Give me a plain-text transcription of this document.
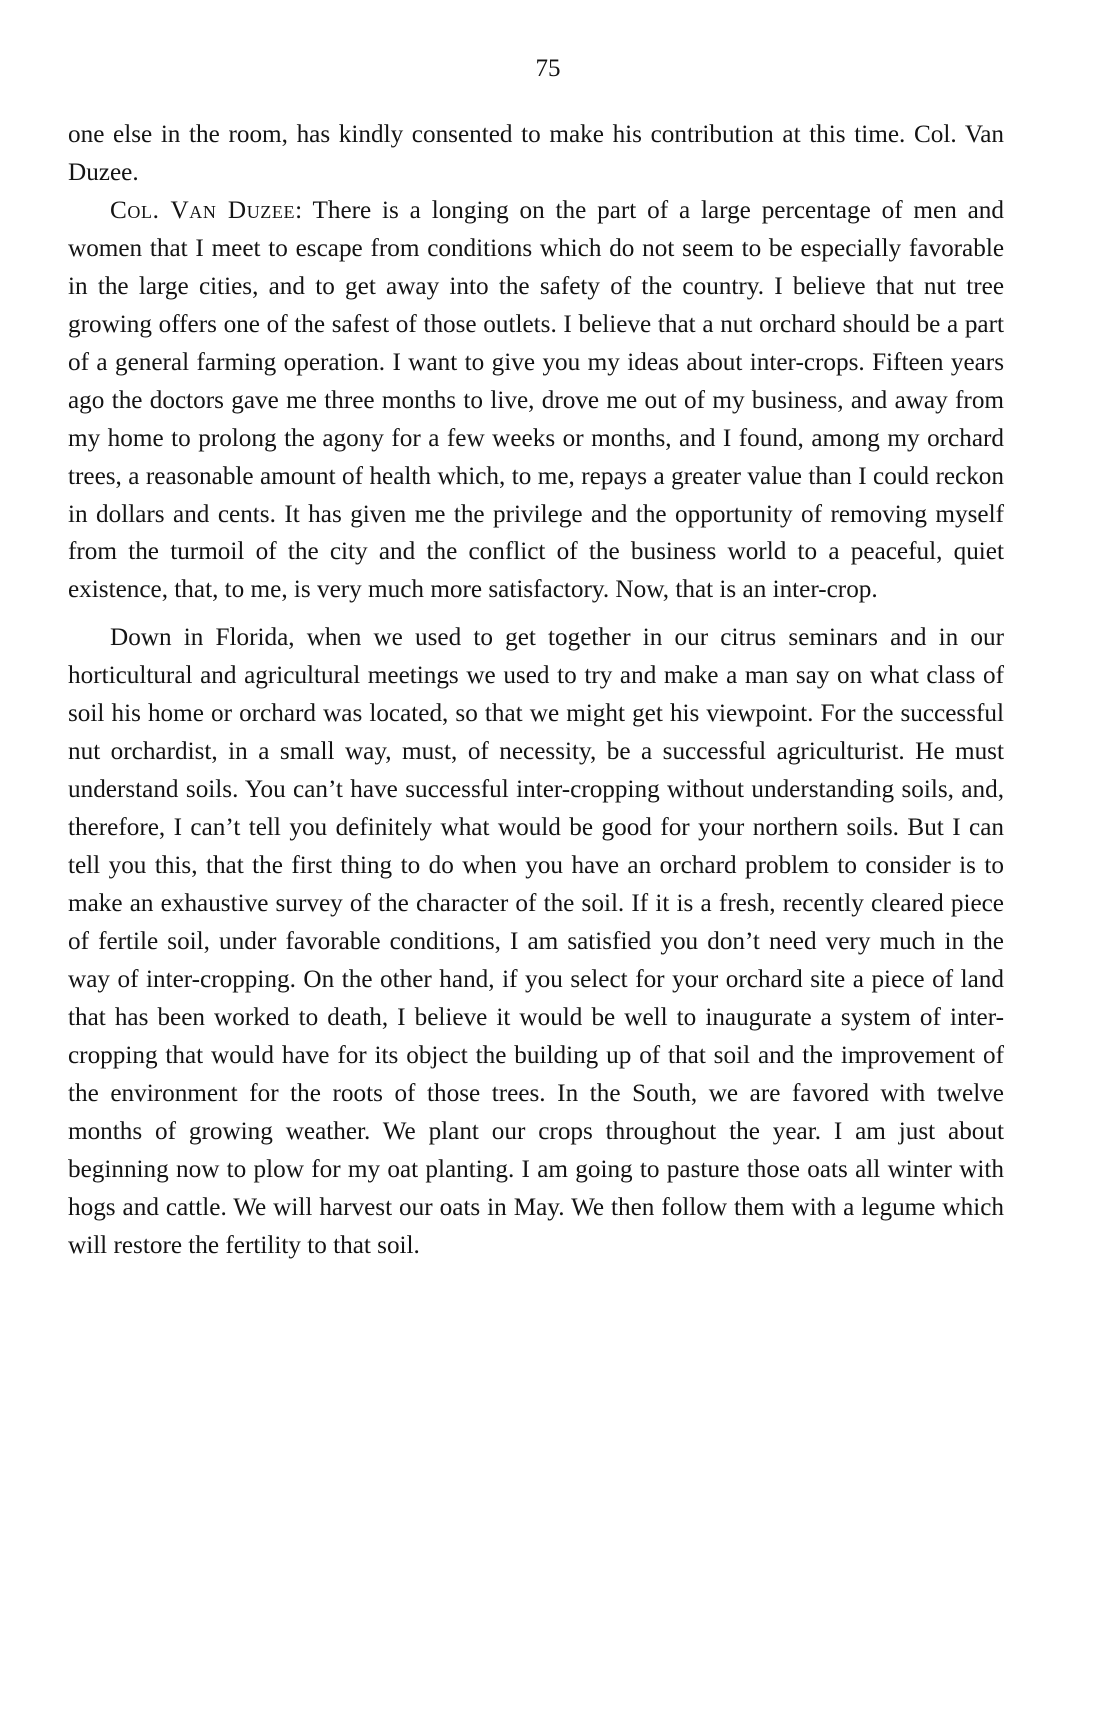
75

one else in the room, has kindly consented to make his contribution at this time. Col. Van Duzee.

Col. Van Duzee: There is a longing on the part of a large percentage of men and women that I meet to escape from conditions which do not seem to be especially favorable in the large cities, and to get away into the safety of the country. I believe that nut tree growing offers one of the safest of those outlets. I believe that a nut orchard should be a part of a general farming operation. I want to give you my ideas about inter-crops. Fifteen years ago the doctors gave me three months to live, drove me out of my business, and away from my home to prolong the agony for a few weeks or months, and I found, among my orchard trees, a reasonable amount of health which, to me, repays a greater value than I could reckon in dollars and cents. It has given me the privilege and the opportunity of removing myself from the turmoil of the city and the conflict of the business world to a peaceful, quiet existence, that, to me, is very much more satisfactory. Now, that is an inter-crop.

Down in Florida, when we used to get together in our citrus seminars and in our horticultural and agricultural meetings we used to try and make a man say on what class of soil his home or orchard was located, so that we might get his viewpoint. For the successful nut orchardist, in a small way, must, of necessity, be a successful agriculturist. He must understand soils. You can’t have successful inter-cropping without understanding soils, and, therefore, I can’t tell you definitely what would be good for your northern soils. But I can tell you this, that the first thing to do when you have an orchard problem to consider is to make an exhaustive survey of the character of the soil. If it is a fresh, recently cleared piece of fertile soil, under favorable conditions, I am satisfied you don’t need very much in the way of inter-cropping. On the other hand, if you select for your orchard site a piece of land that has been worked to death, I believe it would be well to inaugurate a system of inter-cropping that would have for its object the building up of that soil and the improvement of the environment for the roots of those trees. In the South, we are favored with twelve months of growing weather. We plant our crops throughout the year. I am just about beginning now to plow for my oat planting. I am going to pasture those oats all winter with hogs and cattle. We will harvest our oats in May. We then follow them with a legume which will restore the fertility to that soil.
